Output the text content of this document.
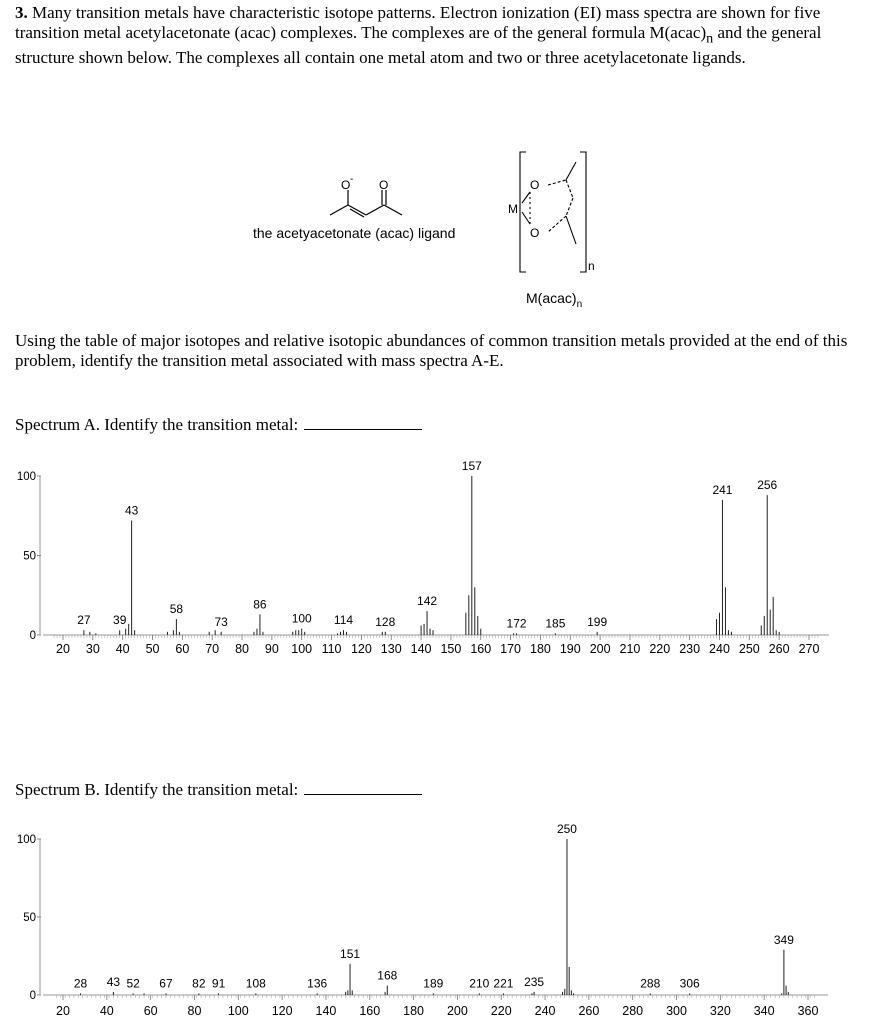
3. Many transition metals have characteristic isotope patterns. Electron ionization (EI) mass spectra are shown for five transition metal acetylacetonate (acac) complexes. The complexes are of the general formula $M(acac)_n$ and the general structure shown below. The complexes all contain one metal atom and two or three acetylacetonate ligands.

O - O
the acetyacetonate (acac) ligand
M
O
O
n
$M(acac)_n$

Using the table of major isotopes and relative isotopic abundances of common transition metals provided at the end of this problem, identify the transition metal associated with mass spectra A-E.

Spectrum A. Identify the transition metal:
20 30 40 50 60 70 80 90 100 110 120 130 140 150 160 170 180 190 200 210 220 230 240 250 260 270
0
50
100
27 39
43
58
73
86
100 114 128
142
157
172 185 199
241 256
Spectrum B. Identify the transition metal:
20 40 60 80 100 120 140 160 180 200 220 240 260 280 300 320 340 360
0
50
100
28 43 52 67 82 91 108	136
151
168
189 210 221 235
250
288 306
349
